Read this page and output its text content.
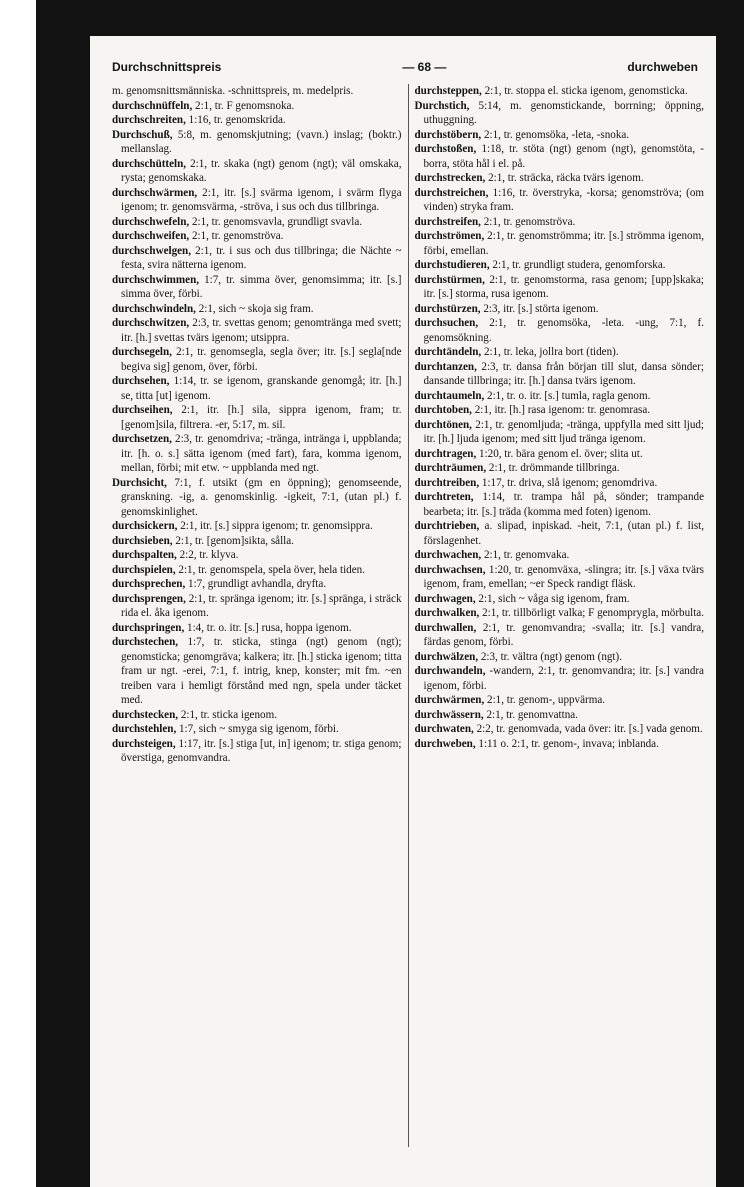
Durchschnittspreis	— 68 —	durchweben

m. genomsnittsmänniska. -schnittspreis, m. medelpris.

durchschnüffeln, 2:1, tr. F genomsnoka.

durchschreiten, 1:16, tr. genomskrida.

Durchschuß, 5:8, m. genomskjutning; (vavn.) inslag; (boktr.) mellanslag.

durchschütteln, 2:1, tr. skaka (ngt) genom (ngt); väl omskaka, rysta; genomskaka.

durchschwärmen, 2:1, itr. [s.] svärma igenom, i svärm flyga igenom; tr. genomsvärma, -ströva, i sus och dus tillbringa.

durchschwefeln, 2:1, tr. genomsvavla, grundligt svavla.

durchschweifen, 2:1, tr. genomströva.

durchschwelgen, 2:1, tr. i sus och dus tillbringa; die Nächte ~ festa, svira nätterna igenom.

durchschwimmen, 1:7, tr. simma över, genomsimma; itr. [s.] simma över, förbi.

durchschwindeln, 2:1, sich ~ skoja sig fram.

durchschwitzen, 2:3, tr. svettas genom; genomtränga med svett; itr. [h.] svettas tvärs igenom; utsippra.

durchsegeln, 2:1, tr. genomsegla, segla över; itr. [s.] segla[nde begiva sig] genom, över, förbi.

durchsehen, 1:14, tr. se igenom, granskande genomgå; itr. [h.] se, titta [ut] igenom.

durchseihen, 2:1, itr. [h.] sila, sippra igenom, fram; tr. [genom]sila, filtrera. -er, 5:17, m. sil.

durchsetzen, 2:3, tr. genomdriva; -tränga, intränga i, uppblanda; itr. [h. o. s.] sätta igenom (med fart), fara, komma igenom, mellan, förbi; mit etw. ~ uppblanda med ngt.

Durchsicht, 7:1, f. utsikt (gm en öppning); genomseende, granskning. -ig, a. genomskinlig. -igkeit, 7:1, (utan pl.) f. genomskinlighet.

durchsickern, 2:1, itr. [s.] sippra igenom; tr. genomsippra.

durchsieben, 2:1, tr. [genom]sikta, sålla.

durchspalten, 2:2, tr. klyva.

durchspielen, 2:1, tr. genomspela, spela över, hela tiden.

durchsprechen, 1:7, grundligt avhandla, dryfta.

durchsprengen, 2:1, tr. spränga igenom; itr. [s.] spränga, i sträck rida el. åka igenom.

durchspringen, 1:4, tr. o. itr. [s.] rusa, hoppa igenom.

durchstechen, 1:7, tr. sticka, stinga (ngt) genom (ngt); genomsticka; genomgräva; kalkera; itr. [h.] sticka igenom; titta fram ur ngt. -erei, 7:1, f. intrig, knep, konster; mit fm. ~en treiben vara i hemligt förstånd med ngn, spela under täcket med.

durchstecken, 2:1, tr. sticka igenom.

durchstehlen, 1:7, sich ~ smyga sig igenom, förbi.

durchsteigen, 1:17, itr. [s.] stiga [ut, in] igenom; tr. stiga genom; överstiga, genomvandra.

durchsteppen, 2:1, tr. stoppa el. sticka igenom, genomsticka.

Durchstich, 5:14, m. genomstickande, borrning; öppning, uthuggning.

durchstöbern, 2:1, tr. genomsöka, -leta, -snoka.

durchstoßen, 1:18, tr. stöta (ngt) genom (ngt), genomstöta, -borra, stöta hål i el. på.

durchstrecken, 2:1, tr. sträcka, räcka tvärs igenom.

durchstreichen, 1:16, tr. överstryka, -korsa; genomströva; (om vinden) stryka fram.

durchstreifen, 2:1, tr. genomströva.

durchströmen, 2:1, tr. genomströmma; itr. [s.] strömma igenom, förbi, emellan.

durchstudieren, 2:1, tr. grundligt studera, genomforska.

durchstürmen, 2:1, tr. genomstorma, rasa genom; [upp]skaka; itr. [s.] storma, rusa igenom.

durchstürzen, 2:3, itr. [s.] störta igenom.

durchsuchen, 2:1, tr. genomsöka, -leta. -ung, 7:1, f. genomsökning.

durchtändeln, 2:1, tr. leka, jollra bort (tiden).

durchtanzen, 2:3, tr. dansa från början till slut, dansa sönder; dansande tillbringa; itr. [h.] dansa tvärs igenom.

durchtaumeln, 2:1, tr. o. itr. [s.] tumla, ragla genom.

durchtoben, 2:1, itr. [h.] rasa igenom: tr. genomrasa.

durchtönen, 2:1, tr. genomljuda; -tränga, uppfylla med sitt ljud; itr. [h.] ljuda igenom; med sitt ljud tränga igenom.

durchtragen, 1:20, tr. bära genom el. över; slita ut.

durchträumen, 2:1, tr. drömmande tillbringa.

durchtreiben, 1:17, tr. driva, slå igenom; genomdriva.

durchtreten, 1:14, tr. trampa hål på, sönder; trampande bearbeta; itr. [s.] träda (komma med foten) igenom.

durchtrieben, a. slipad, inpiskad. -heit, 7:1, (utan pl.) f. list, förslagenhet.

durchwachen, 2:1, tr. genomvaka.

durchwachsen, 1:20, tr. genomväxa, -slingra; itr. [s.] växa tvärs igenom, fram, emellan; ~er Speck randigt fläsk.

durchwagen, 2:1, sich ~ våga sig igenom, fram.

durchwalken, 2:1, tr. tillbörligt valka; F genomprygla, mörbulta.

durchwallen, 2:1, tr. genomvandra; -svalla; itr. [s.] vandra, färdas genom, förbi.

durchwälzen, 2:3, tr. vältra (ngt) genom (ngt).

durchwandeln, -wandern, 2:1, tr. genomvandra; itr. [s.] vandra igenom, förbi.

durchwärmen, 2:1, tr. genom-, uppvärma.

durchwässern, 2:1, tr. genomvattna.

durchwaten, 2:2, tr. genomvada, vada över: itr. [s.] vada genom.

durchweben, 1:11 o. 2:1, tr. genom-, invava; inblanda.
